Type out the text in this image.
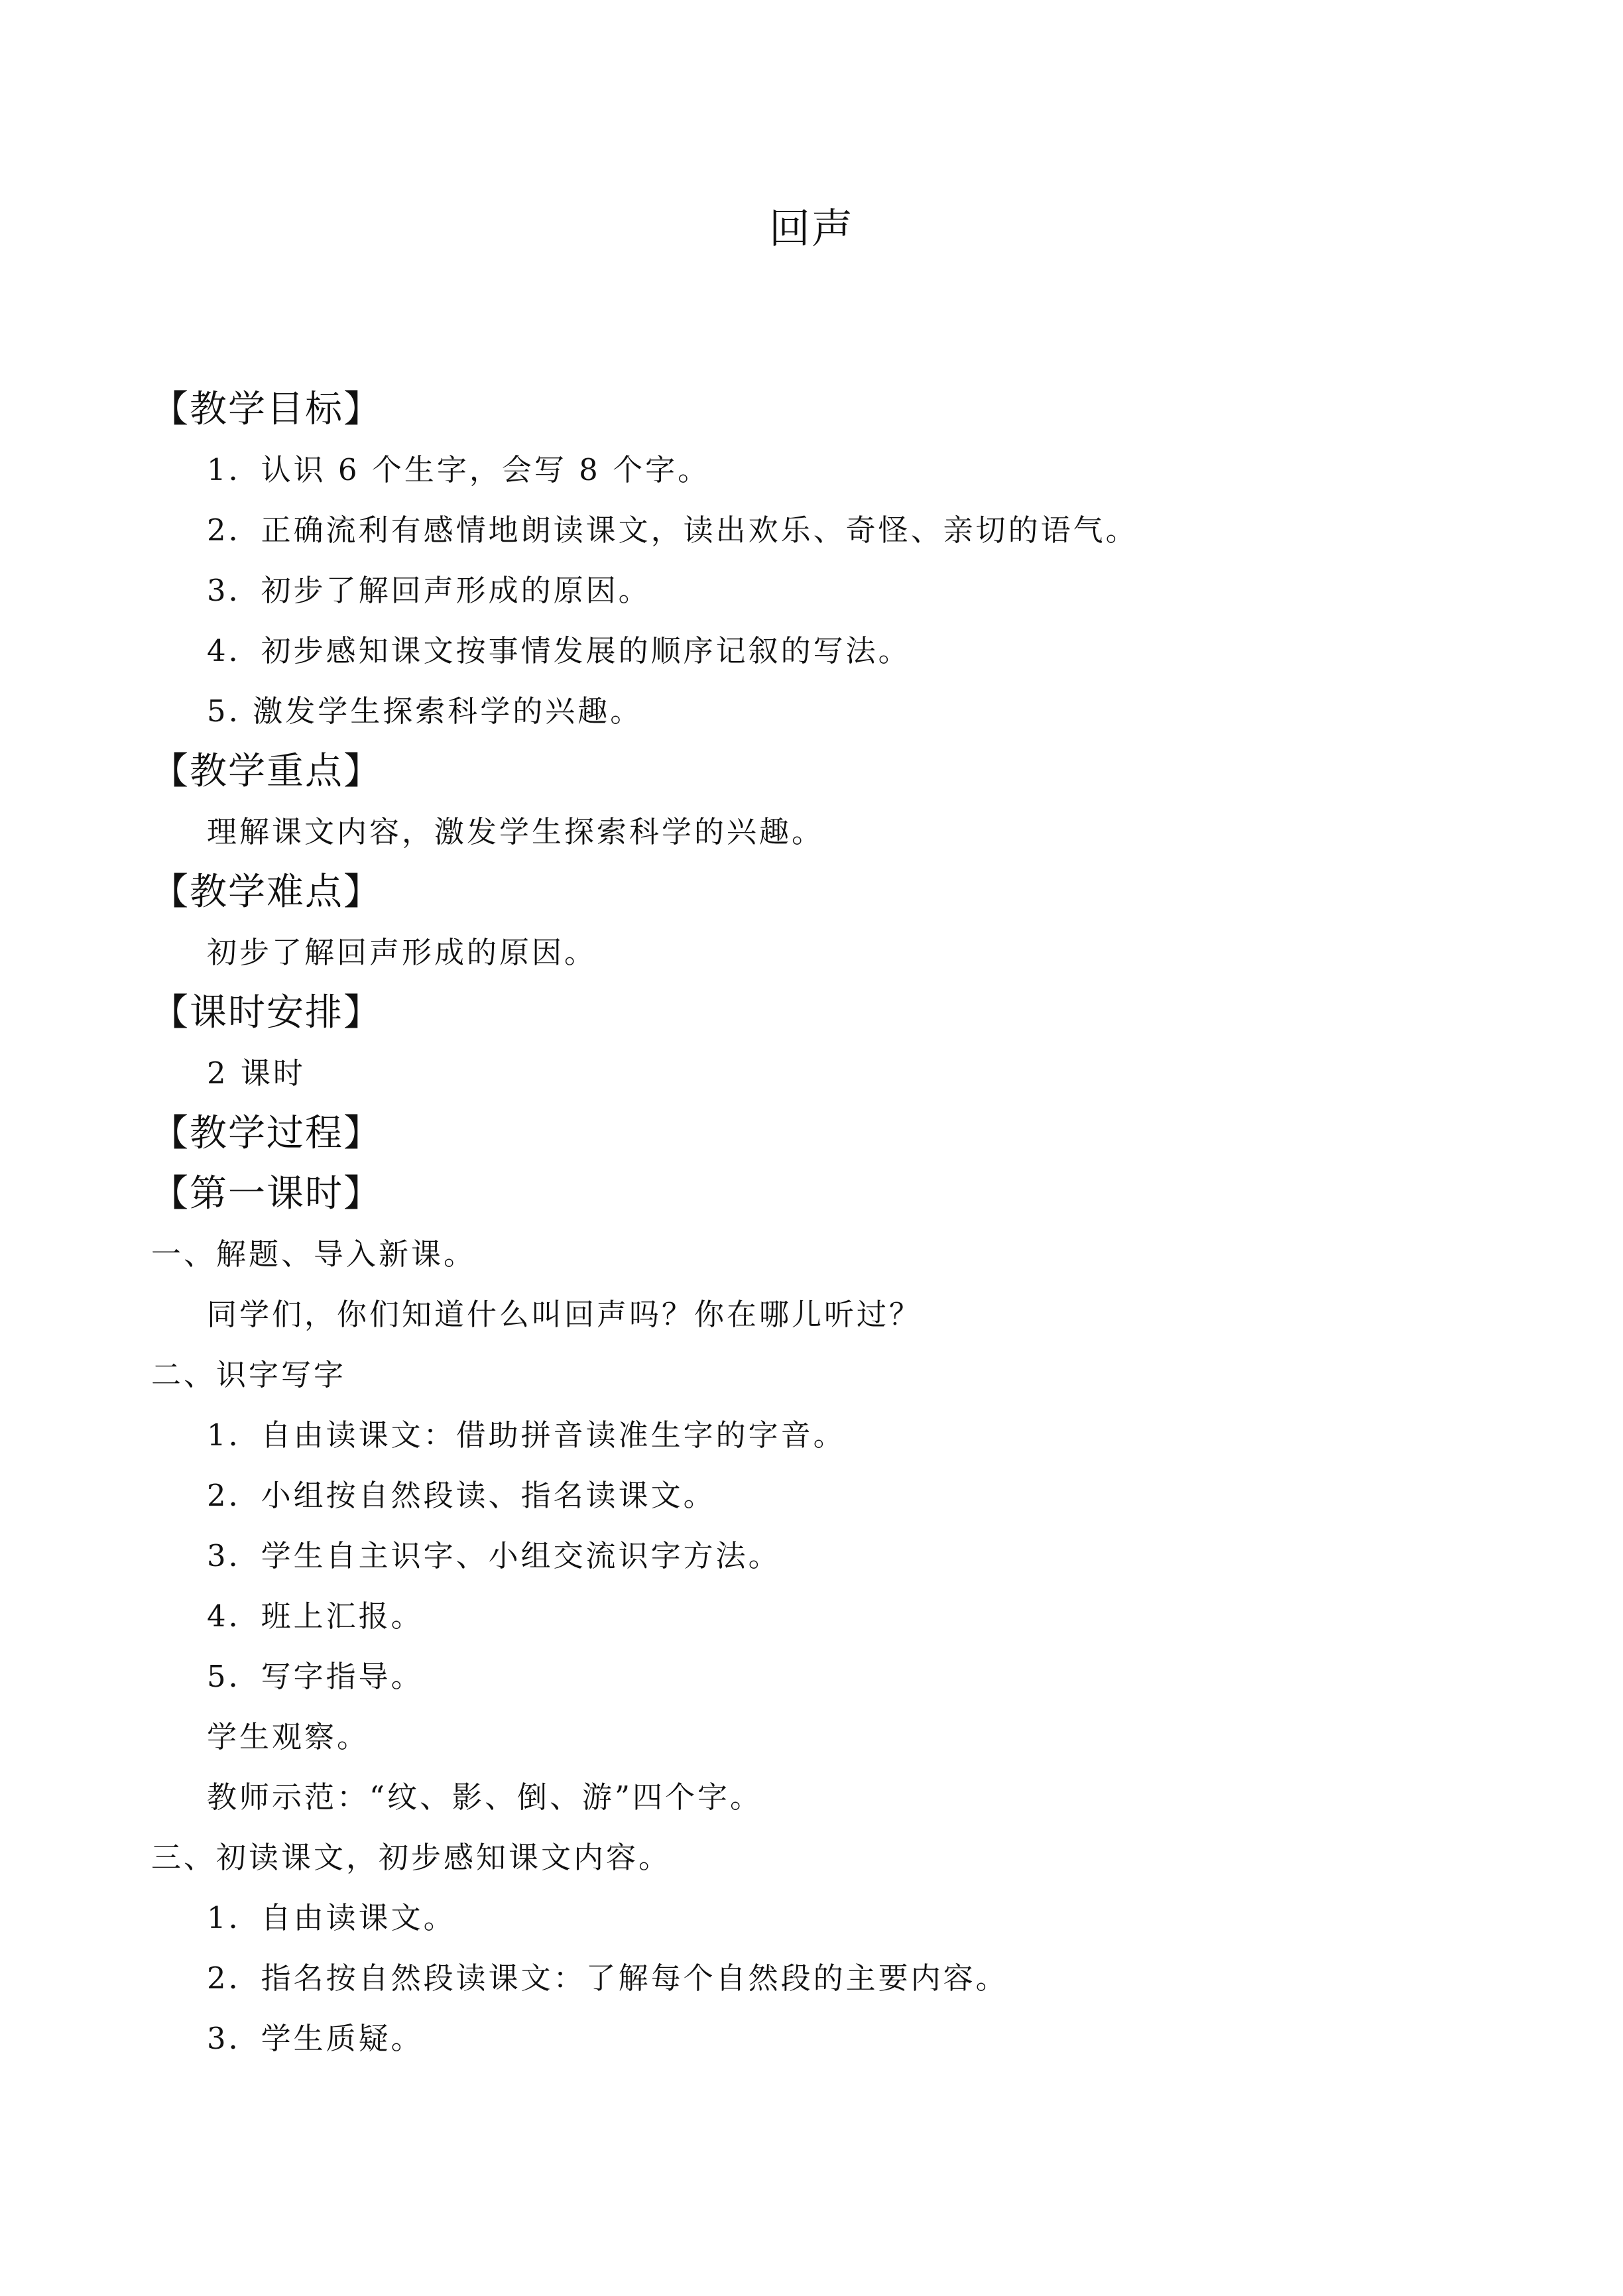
回声
【教学目标】
1．认识 6 个生字，会写 8 个字。
2．正确流利有感情地朗读课文，读出欢乐、奇怪、亲切的语气。
3．初步了解回声形成的原因。
4．初步感知课文按事情发展的顺序记叙的写法。
5. 激发学生探索科学的兴趣。
【教学重点】
理解课文内容，激发学生探索科学的兴趣。
【教学难点】
初步了解回声形成的原因。
【课时安排】
2 课时
【教学过程】
【第一课时】
一、解题、导入新课。
同学们，你们知道什么叫回声吗？你在哪儿听过？
二、识字写字
1．自由读课文：借助拼音读准生字的字音。
2．小组按自然段读、指名读课文。
3．学生自主识字、小组交流识字方法。
4．班上汇报。
5．写字指导。
学生观察。
教师示范：“纹、影、倒、游”四个字。
三、初读课文，初步感知课文内容。
1．自由读课文。
2．指名按自然段读课文：了解每个自然段的主要内容。
3．学生质疑。
